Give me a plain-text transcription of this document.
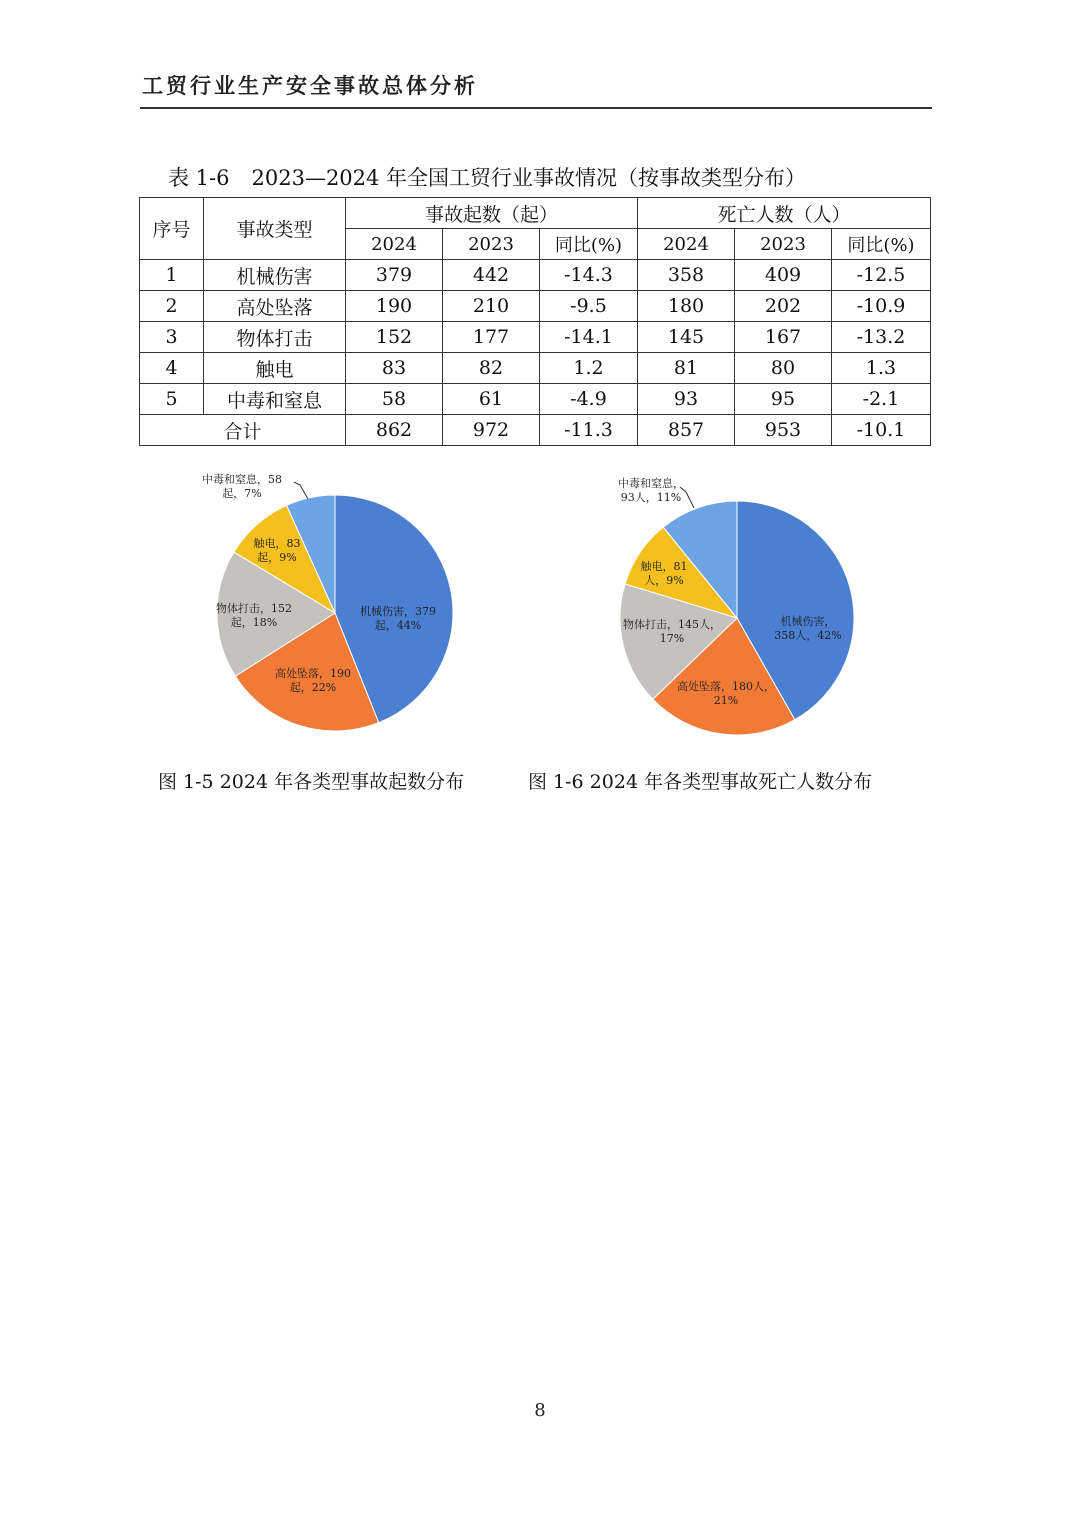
工贸行业生产安全事故总体分析
表 1-6 2023—2024 年全国工贸行业事故情况（按事故类型分布）
序号	事故类型	事故起数（起）			死亡人数（人）		
		2024	2023	同比(%)	2024	2023	同比(%)
1	机械伤害	379	442	-14.3	358	409	-12.5
2	高处坠落	190	210	-9.5	180	202	-10.9
3	物体打击	152	177	-14.1	145	167	-13.2
4	触电	83	82	1.2	81	80	1.3
5	中毒和窒息	58	61	-4.9	93	95	-2.1
合计		862	972	-11.3	857	953	-10.1
机械伤害，379 起，44%
高处坠落，190 起，22%
物体打击，152 起，18%
触电，83 起，9%
中毒和窒息，58 起，7%
机械伤害， 358人，42%
高处坠落，180人， 21%
物体打击，145人， 17%
触电，81 人，9%
中毒和窒息， 93人，11%
图 1-5 2024 年各类型事故起数分布	图 1-6 2024 年各类型事故死亡人数分布
8
